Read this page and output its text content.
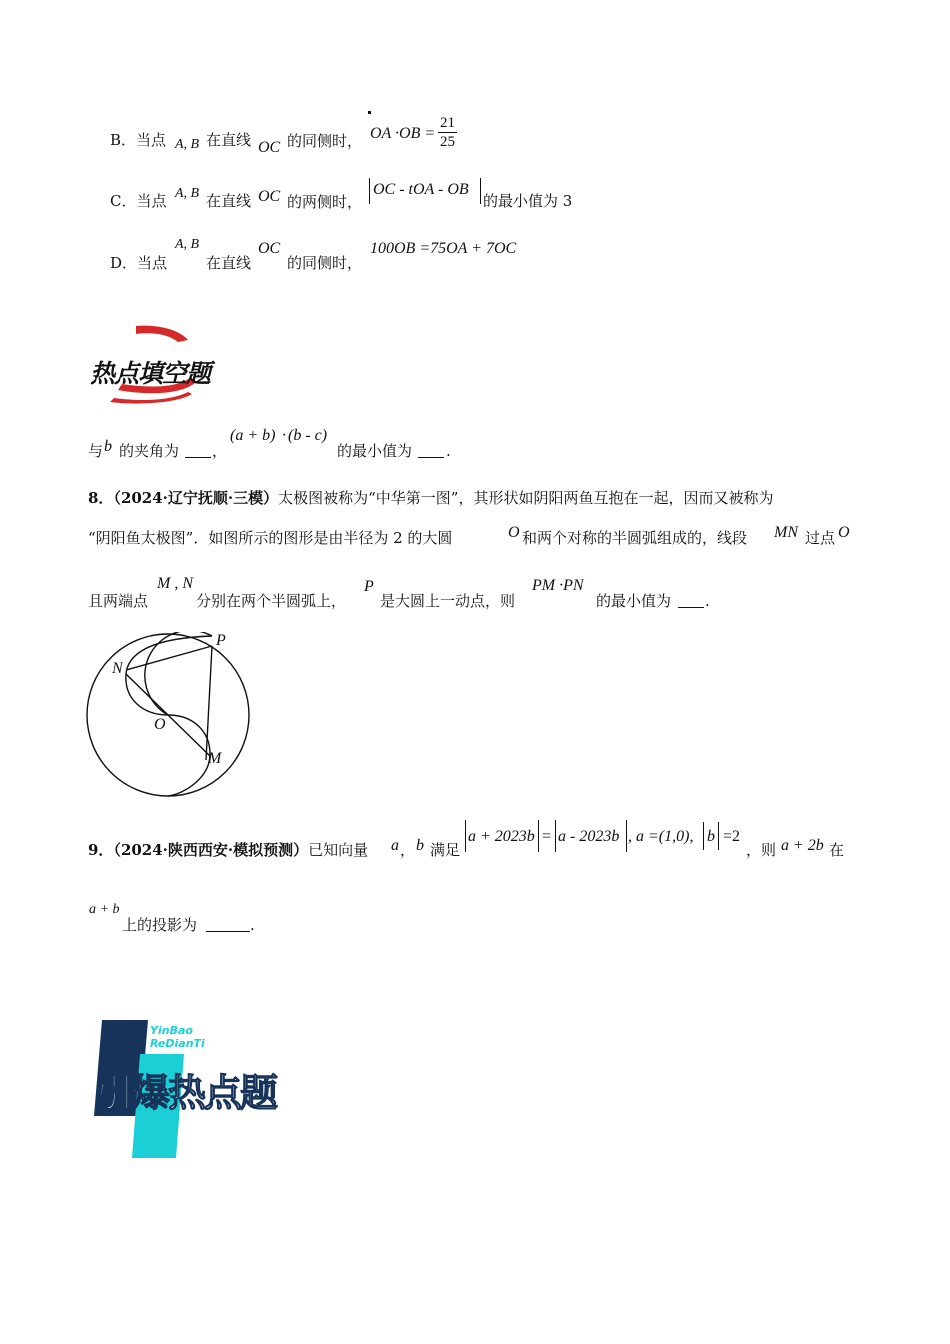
B．当点 A, B 在直线 OC 的同侧时， OA $\cdot OB = \frac{21}{25}$
C．当点 A, B 在直线 OC 的两侧时，
OC - tOA - OB
的最小值为 3
D．当点
A, B
在直线
OC
的同侧时，
100OB =75OA + 7OC
热点填空题
与 b 的夹角为 ，
(a + b) · (b - c)
的最小值为 .
8．（2024·辽宁抚顺·三模）太极图被称为“中华第一图”，其形状如阴阳两鱼互抱在一起，因而又被称为
“阴阳鱼太极图”．如图所示的图形是由半径为 2 的大圆	O 和两个对称的半圆弧组成的，线段 MN 过点 O
且两端点
M , N
分别在两个半圆弧上，
P
是大圆上一动点，则
PM ·PN
的最小值为 .
P
N
O
M
9．（2024·陕西西安·模拟预测）已知向量 a ， b 满足
a + 2023b = a - 2023b , a =(1,0), b =2
，则 a + 2b 在
a + b
上的投影为	.
YinBao
ReDianTi
引爆热点题
